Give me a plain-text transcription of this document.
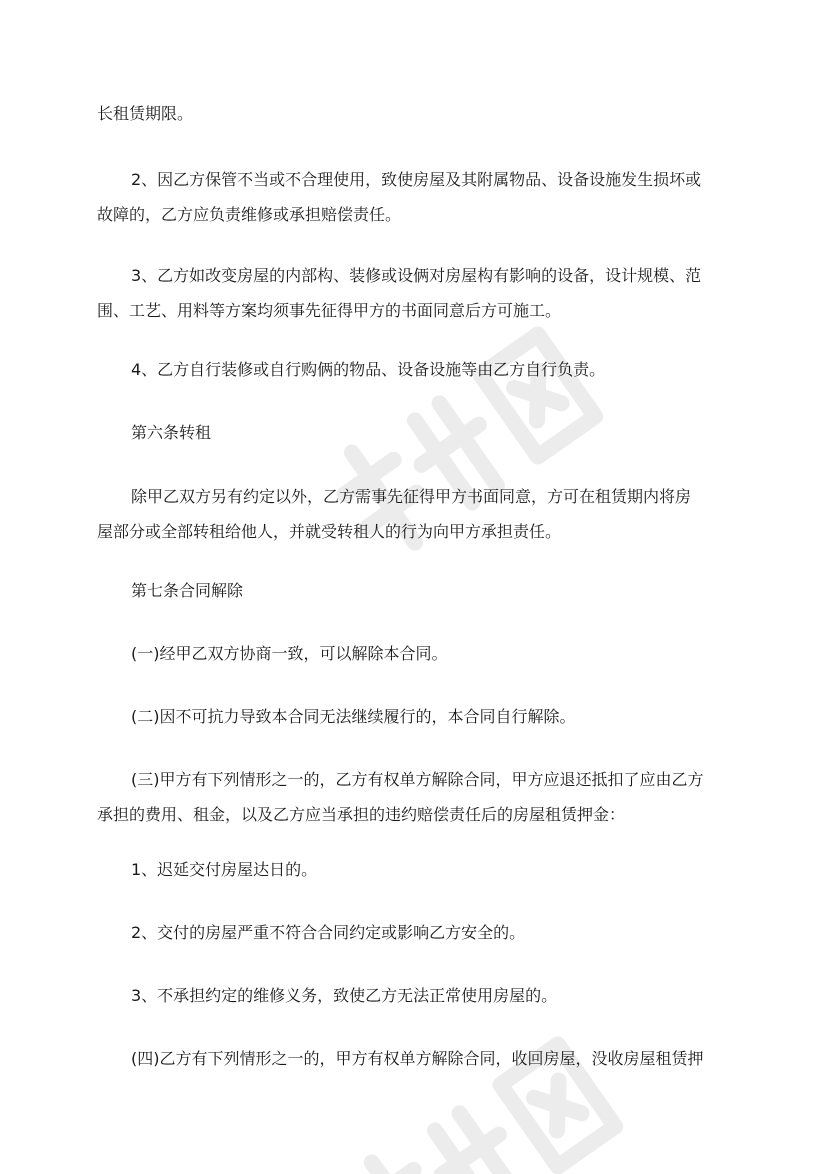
长租赁期限。

2、因乙方保管不当或不合理使用，致使房屋及其附属物品、设备设施发生损坏或
故障的，乙方应负责维修或承担赔偿责任。

3、乙方如改变房屋的内部构、装修或设俩对房屋构有影响的设备，设计规模、范
围、工艺、用料等方案均须事先征得甲方的书面同意后方可施工。

4、乙方自行装修或自行购俩的物品、设备设施等由乙方自行负责。

第六条转租

除甲乙双方另有约定以外，乙方需事先征得甲方书面同意，方可在租赁期内将房
屋部分或全部转租给他人，并就受转租人的行为向甲方承担责任。

第七条合同解除

(一)经甲乙双方协商一致，可以解除本合同。

(二)因不可抗力导致本合同无法继续履行的，本合同自行解除。

(三)甲方有下列情形之一的，乙方有权单方解除合同，甲方应退还抵扣了应由乙方
承担的费用、租金，以及乙方应当承担的违约赔偿责任后的房屋租赁押金：

1、迟延交付房屋达日的。

2、交付的房屋严重不符合合同约定或影响乙方安全的。

3、不承担约定的维修义务，致使乙方无法正常使用房屋的。

(四)乙方有下列情形之一的，甲方有权单方解除合同，收回房屋，没收房屋租赁押
